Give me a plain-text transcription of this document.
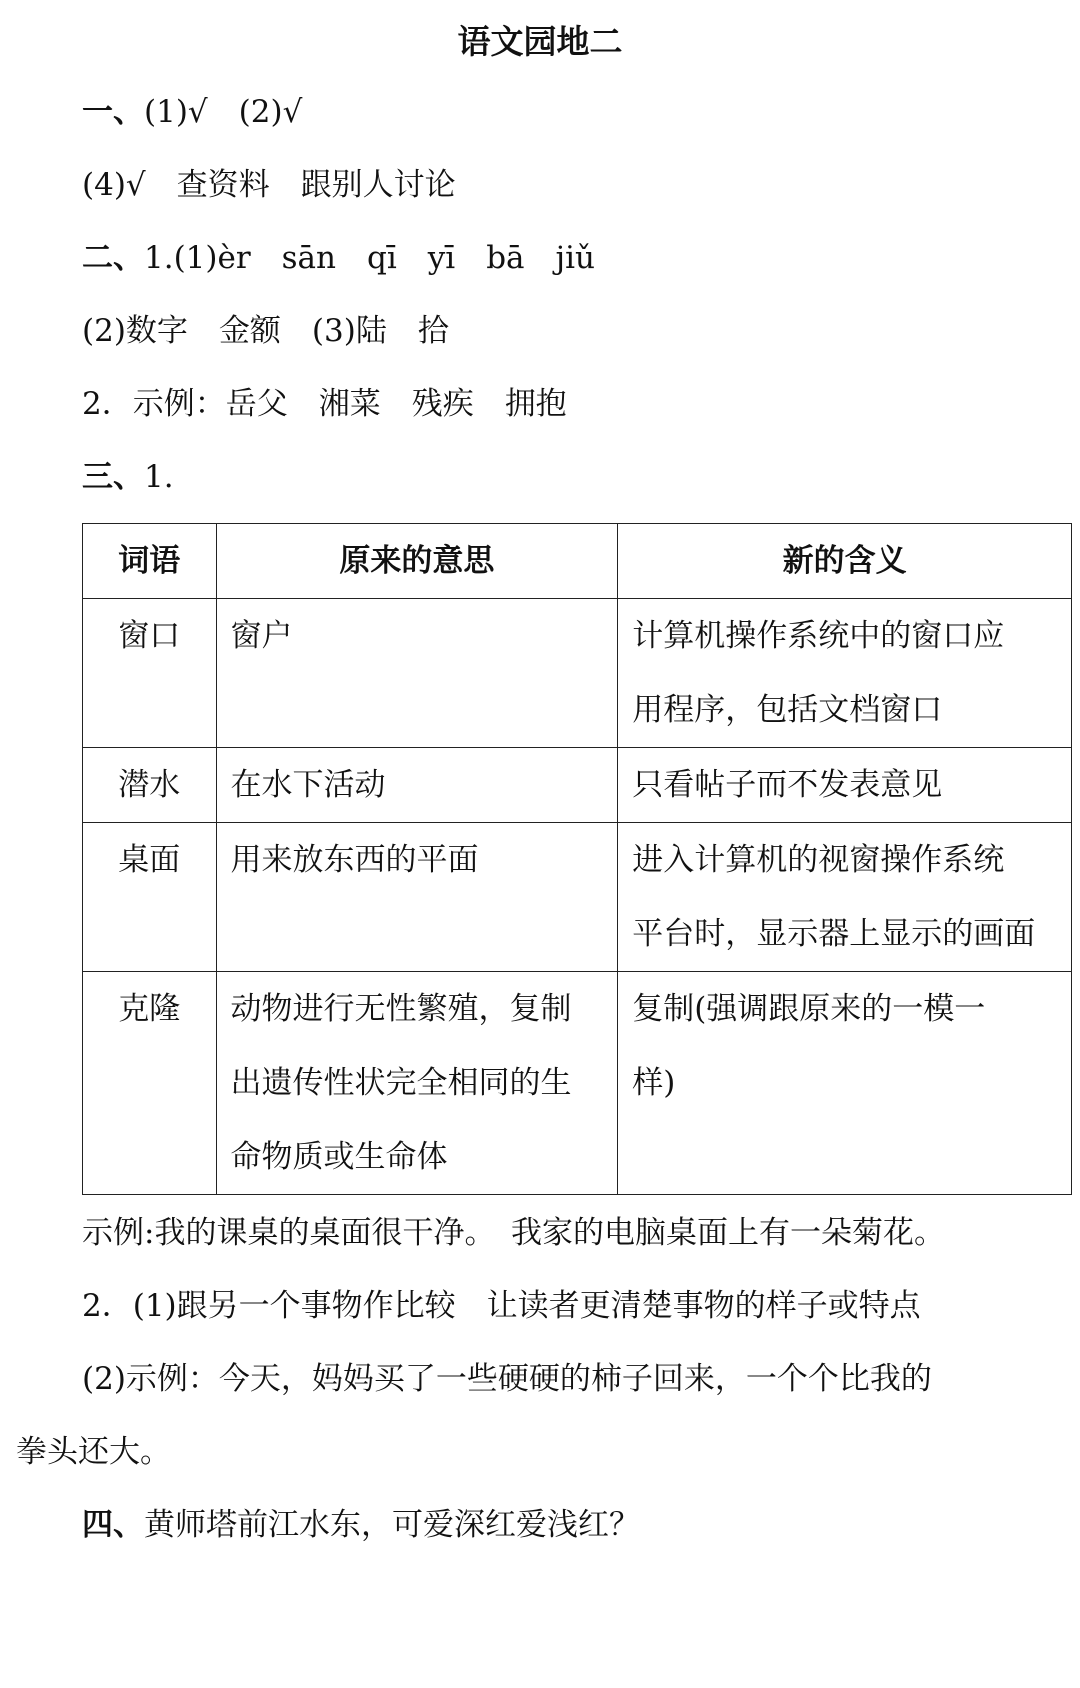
语文园地二
一、(1)√　(2)√
(4)√　查资料　跟别人讨论
二、1.(1)èr　sān　qī　yī　bā　jiǔ
(2)数字　金额　(3)陆　拾
2．示例：岳父　湘菜　残疾　拥抱
三、1.
词语	原来的意思	新的含义

窗口	窗户	计算机操作系统中的窗口应
用程序，包括文档窗口

潜水	在水下活动	只看帖子而不发表意见

桌面	用来放东西的平面	进入计算机的视窗操作系统
平台时，显示器上显示的画面

克隆	动物进行无性繁殖，复制
出遗传性状完全相同的生
命物质或生命体	复制(强调跟原来的一模一
样)
示例:我的课桌的桌面很干净。　我家的电脑桌面上有一朵菊花。
2．(1)跟另一个事物作比较　让读者更清楚事物的样子或特点
(2)示例：今天，妈妈买了一些硬硬的柿子回来，一个个比我的
拳头还大。
四、黄师塔前江水东，可爱深红爱浅红？
